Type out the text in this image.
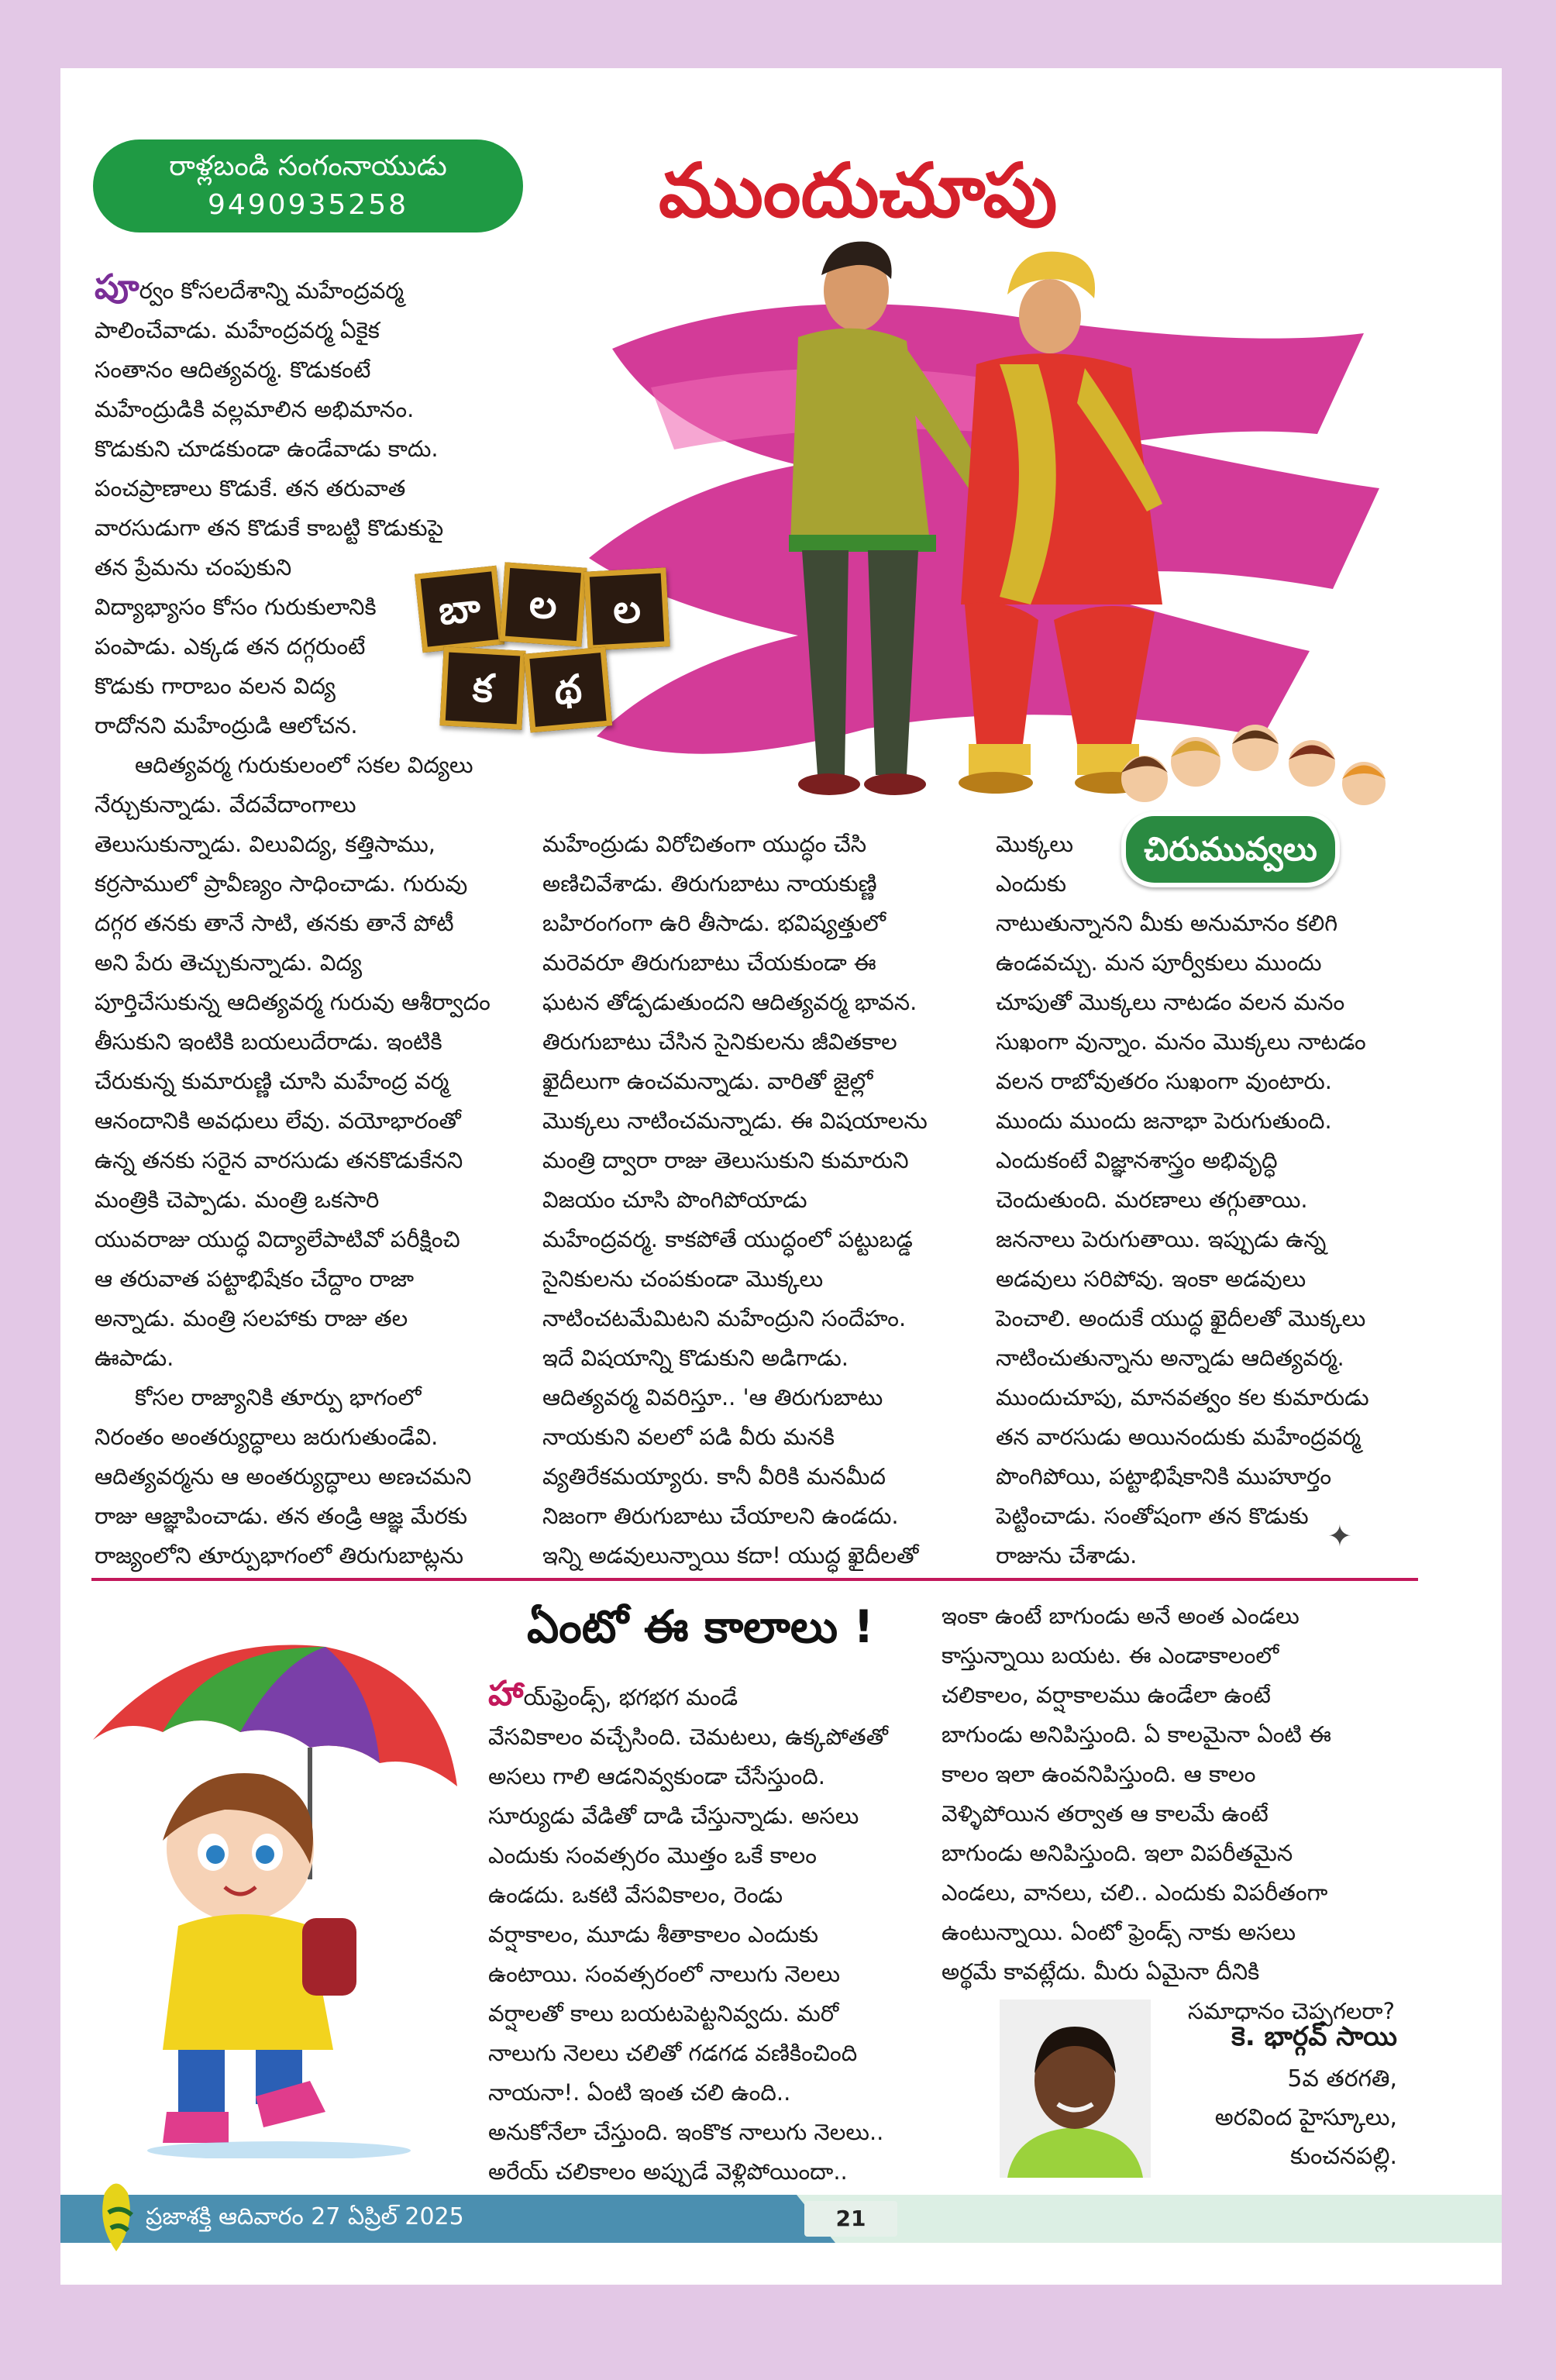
రాళ్లబండి సంగంనాయుడు
9490935258	ముందుచూపు
బా	ల	ల
క	థ

పూర్వం కోసలదేశాన్ని మహేంద్రవర్మ

పాలించేవాడు. మహేంద్రవర్మ ఏకైక

సంతానం ఆదిత్యవర్మ. కొడుకంటే

మహేంద్రుడికి వల్లమాలిన అభిమానం.

కొడుకుని చూడకుండా ఉండేవాడు కాదు.

పంచప్రాణాలు కొడుకే. తన తరువాత

వారసుడుగా తన కొడుకే కాబట్టి కొడుకుపై

తన ప్రేమను చంపుకుని

విద్యాభ్యాసం కోసం గురుకులానికి

పంపాడు. ఎక్కడ తన దగ్గరుంటే

కొడుకు గారాబం వలన విద్య

రాదోనని మహేంద్రుడి ఆలోచన.

ఆదిత్యవర్మ గురుకులంలో సకల విద్యలు

నేర్చుకున్నాడు. వేదవేదాంగాలు

తెలుసుకున్నాడు. విలువిద్య, కత్తిసాము,

కర్రసాములో ప్రావీణ్యం సాధించాడు. గురువు

దగ్గర తనకు తానే సాటి, తనకు తానే పోటీ

అని పేరు తెచ్చుకున్నాడు. విద్య

పూర్తిచేసుకున్న ఆదిత్యవర్మ గురువు ఆశీర్వాదం

తీసుకుని ఇంటికి బయలుదేరాడు. ఇంటికి

చేరుకున్న కుమారుణ్ణి చూసి మహేంద్ర వర్మ

ఆనందానికి అవధులు లేవు. వయోభారంతో

ఉన్న తనకు సరైన వారసుడు తనకొడుకేనని

మంత్రికి చెప్పాడు. మంత్రి ఒకసారి

యువరాజు యుద్ధ విద్యాలేపాటివో పరీక్షించి

ఆ తరువాత పట్టాభిషేకం చేద్దాం రాజా

అన్నాడు. మంత్రి సలహాకు రాజు తల

ఊపాడు.

కోసల రాజ్యానికి తూర్పు భాగంలో

నిరంతం అంతర్యుద్ధాలు జరుగుతుండేవి.

ఆదిత్యవర్మను ఆ అంతర్యుద్ధాలు అణచమని

రాజు ఆజ్ఞాపించాడు. తన తండ్రి ఆజ్ఞ మేరకు

రాజ్యంలోని తూర్పుభాగంలో తిరుగుబాట్లను

మహేంద్రుడు విరోచితంగా యుద్ధం చేసి

అణిచివేశాడు. తిరుగుబాటు నాయకుణ్ణి

బహిరంగంగా ఉరి తీసాడు. భవిష్యత్తులో

మరెవరూ తిరుగుబాటు చేయకుండా ఈ

ఘటన తోడ్పడుతుందని ఆదిత్యవర్మ భావన.

తిరుగుబాటు చేసిన సైనికులను జీవితకాల

ఖైదీలుగా ఉంచమన్నాడు. వారితో జైల్లో

మొక్కలు నాటించమన్నాడు. ఈ విషయాలను

మంత్రి ద్వారా రాజు తెలుసుకుని కుమారుని

విజయం చూసి పొంగిపోయాడు

మహేంద్రవర్మ. కాకపోతే యుద్ధంలో పట్టుబడ్డ

సైనికులను చంపకుండా మొక్కలు

నాటించటమేమిటని మహేంద్రుని సందేహం.

ఇదే విషయాన్ని కొడుకుని అడిగాడు.

ఆదిత్యవర్మ వివరిస్తూ.. 'ఆ తిరుగుబాటు

నాయకుని వలలో పడి వీరు మనకి

వ్యతిరేకమయ్యారు. కానీ వీరికి మనమీద

నిజంగా తిరుగుబాటు చేయాలని ఉండదు.

ఇన్ని అడవులున్నాయి కదా! యుద్ధ ఖైదీలతో

మొక్కలు

ఎందుకు

నాటుతున్నానని మీకు అనుమానం కలిగి

ఉండవచ్చు. మన పూర్వీకులు ముందు

చూపుతో మొక్కలు నాటడం వలన మనం

సుఖంగా వున్నాం. మనం మొక్కలు నాటడం

వలన రాబోవుతరం సుఖంగా వుంటారు.

ముందు ముందు జనాభా పెరుగుతుంది.

ఎందుకంటే విజ్ఞానశాస్త్రం అభివృద్ధి

చెందుతుంది. మరణాలు తగ్గుతాయి.

జననాలు పెరుగుతాయి. ఇప్పుడు ఉన్న

అడవులు సరిపోవు. ఇంకా అడవులు

పెంచాలి. అందుకే యుద్ధ ఖైదీలతో మొక్కలు

నాటించుతున్నాను అన్నాడు ఆదిత్యవర్మ.

ముందుచూపు, మానవత్వం కల కుమారుడు

తన వారసుడు అయినందుకు మహేంద్రవర్మ

పొంగిపోయి, పట్టాభిషేకానికి ముహూర్తం

పెట్టించాడు. సంతోషంగా తన కొడుకు

రాజును చేశాడు.

చిరుమువ్వలు
✦
ఏంటో ఈ కాలాలు !

హాయ్‌ఫ్రెండ్స్‌, భగభగ మండే

వేసవికాలం వచ్చేసింది. చెమటలు, ఉక్కపోతతో

అసలు గాలి ఆడనివ్వకుండా చేసేస్తుంది.

సూర్యుడు వేడితో దాడి చేస్తున్నాడు. అసలు

ఎందుకు సంవత్సరం మొత్తం ఒకే కాలం

ఉండదు. ఒకటి వేసవికాలం, రెండు

వర్షాకాలం, మూడు శీతాకాలం ఎందుకు

ఉంటాయి. సంవత్సరంలో నాలుగు నెలలు

వర్షాలతో కాలు బయటపెట్టనివ్వదు. మరో

నాలుగు నెలలు చలితో గడగడ వణికించింది

నాయనా!. ఏంటి ఇంత చలి ఉంది..

అనుకోనేలా చేస్తుంది. ఇంకొక నాలుగు నెలలు..

అరేయ్ చలికాలం అప్పుడే వెళ్లిపోయిందా..

ఇంకా ఉంటే బాగుండు అనే అంత ఎండలు

కాస్తున్నాయి బయట. ఈ ఎండాకాలంలో

చలికాలం, వర్షాకాలము ఉండేలా ఉంటే

బాగుండు అనిపిస్తుంది. ఏ కాలమైనా ఏంటి ఈ

కాలం ఇలా ఉంవనిపిస్తుంది. ఆ కాలం

వెళ్ళిపోయిన తర్వాత ఆ కాలమే ఉంటే

బాగుండు అనిపిస్తుంది. ఇలా విపరీతమైన

ఎండలు, వానలు, చలి.. ఎందుకు విపరీతంగా

ఉంటున్నాయి. ఏంటో ఫ్రెండ్స్ నాకు అసలు

అర్థమే కావట్లేదు. మీరు ఏమైనా దీనికి

సమాధానం చెప్పగలరా?

కె. భార్గవ్ సాయి
5వ తరగతి,
అరవింద హైస్కూలు,
కుంచనపల్లి.
ప్రజాశక్తి ఆదివారం 27 ఏప్రిల్ 2025	21
